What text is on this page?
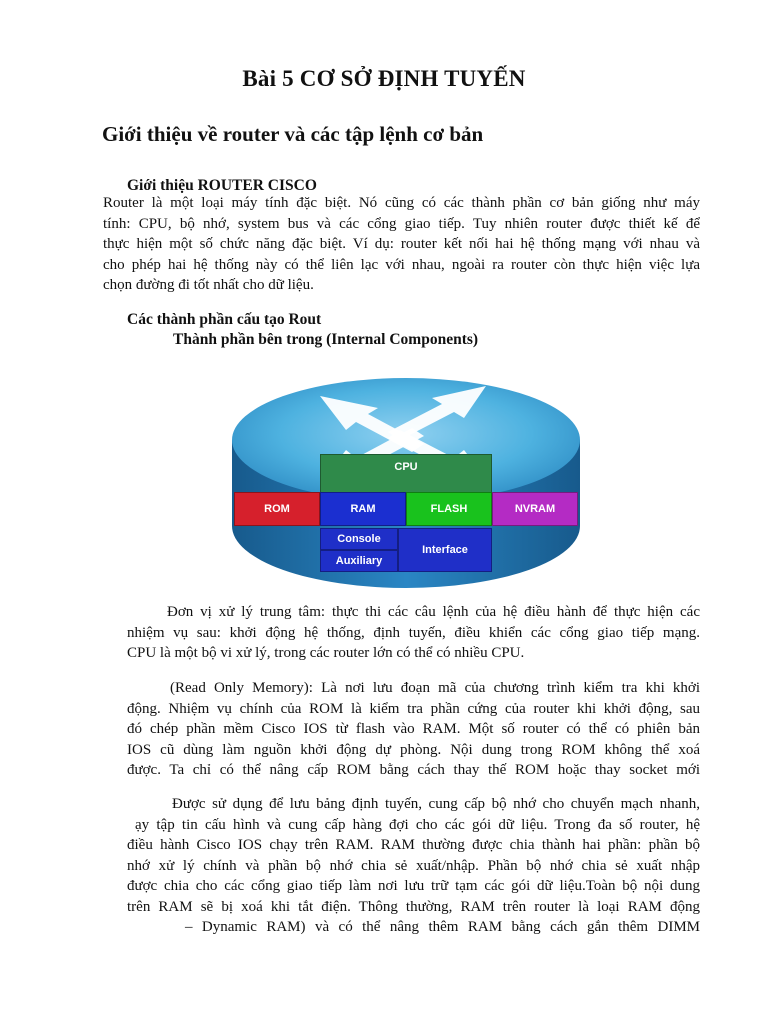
Bài 5 CƠ SỞ ĐỊNH TUYẾN
Giới thiệu về router và các tập lệnh cơ bản
Giới thiệu ROUTER CISCO
Router là một loại máy tính đặc biệt. Nó cũng có các thành phần cơ bản giống như máy
tính: CPU, bộ nhớ, system bus và các cổng giao tiếp. Tuy nhiên router được thiết kế để
thực hiện một số chức năng đặc biệt. Ví dụ: router kết nối hai hệ thống mạng với nhau và
cho phép hai hệ thống này có thể liên lạc với nhau, ngoài ra router còn thực hiện việc lựa
chọn đường đi tốt nhất cho dữ liệu.
Các thành phần cấu tạo Rout
Thành phần bên trong (Internal Components)
CPU
ROM	RAM	FLASH	NVRAM
Console
Auxiliary
Interface
Đơn vị xử lý trung tâm: thực thi các câu lệnh của hệ điều hành để thực hiện các
nhiệm vụ sau: khởi động hệ thống, định tuyến, điều khiển các cổng giao tiếp mạng.
CPU là một bộ vi xử lý, trong các router lớn có thể có nhiều CPU.
(Read Only Memory): Là nơi lưu đoạn mã của chương trình kiểm tra khi khởi
động. Nhiệm vụ chính của ROM là kiểm tra phần cứng của router khi khởi động, sau
đó chép phần mềm Cisco IOS từ flash vào RAM. Một số router có thể có phiên bản
IOS cũ dùng làm nguồn khởi động dự phòng. Nội dung trong ROM không thể xoá
được. Ta chỉ có thể nâng cấp ROM bằng cách thay thế ROM hoặc thay socket mới
Được sử dụng để lưu bảng định tuyến, cung cấp bộ nhớ cho chuyển mạch nhanh,
ạy tập tin cấu hình và cung cấp hàng đợi cho các gói dữ liệu. Trong đa số router, hệ
điều hành Cisco IOS chạy trên RAM. RAM thường được chia thành hai phần: phần bộ
nhớ xử lý chính và phần bộ nhớ chia sẻ xuất/nhập. Phần bộ nhớ chia sẻ xuất nhập
được chia cho các cổng giao tiếp làm nơi lưu trữ tạm các gói dữ liệu.Toàn bộ nội dung
trên RAM sẽ bị xoá khi tắt điện. Thông thường, RAM trên router là loại RAM động
– Dynamic RAM) và có thể nâng thêm RAM bằng cách gắn thêm DIMM
